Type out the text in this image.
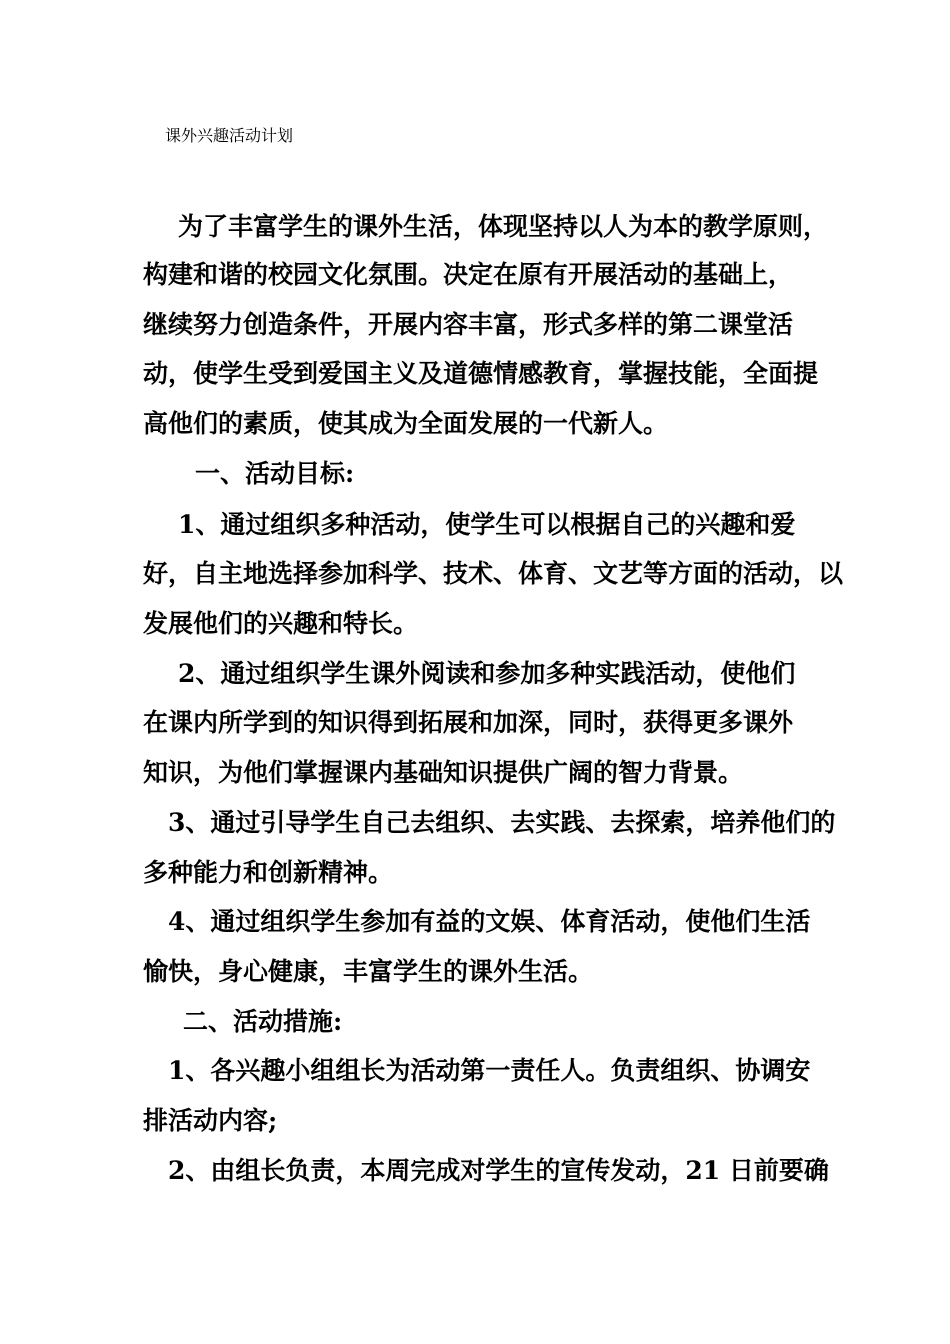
课外兴趣活动计划
为了丰富学生的课外生活，体现坚持以人为本的教学原则，
构建和谐的校园文化氛围。决定在原有开展活动的基础上，
继续努力创造条件，开展内容丰富，形式多样的第二课堂活
动，使学生受到爱国主义及道德情感教育，掌握技能，全面提
高他们的素质，使其成为全面发展的一代新人。
一、活动目标:
1、通过组织多种活动，使学生可以根据自己的兴趣和爱
好，自主地选择参加科学、技术、体育、文艺等方面的活动，以
发展他们的兴趣和特长。
2、通过组织学生课外阅读和参加多种实践活动，使他们
在课内所学到的知识得到拓展和加深，同时，获得更多课外
知识，为他们掌握课内基础知识提供广阔的智力背景。
3、通过引导学生自己去组织、去实践、去探索，培养他们的
多种能力和创新精神。
4、通过组织学生参加有益的文娱、体育活动，使他们生活
愉快，身心健康，丰富学生的课外生活。
二、活动措施:
1、各兴趣小组组长为活动第一责任人。负责组织、协调安
排活动内容;
2、由组长负责，本周完成对学生的宣传发动，21 日前要确
